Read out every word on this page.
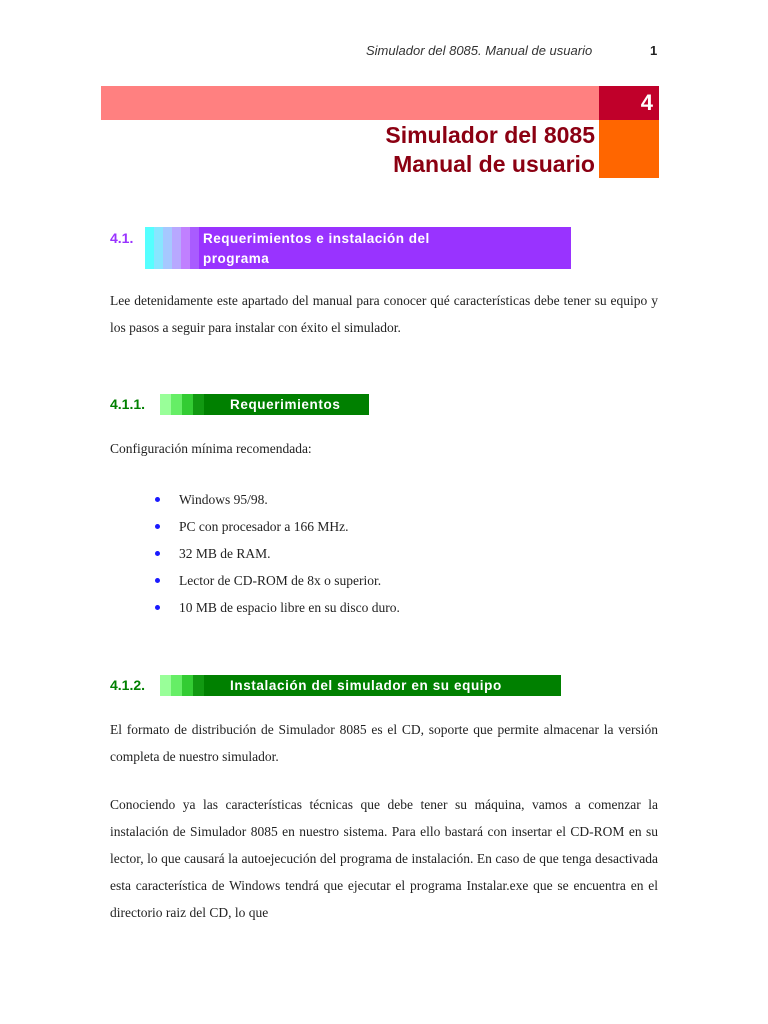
Simulador del 8085. Manual de usuario	1
4
Simulador del 8085
Manual de usuario
4.1.	Requerimientos e instalación del
programa
Lee detenidamente este apartado del manual para conocer qué características debe tener su equipo y los pasos a seguir para instalar con éxito el simulador.
4.1.1.	Requerimientos
Configuración mínima recomendada:
Windows 95/98.
PC con procesador a 166 MHz.
32 MB de RAM.
Lector de CD-ROM de 8x o superior.
10 MB de espacio libre en su disco duro.
4.1.2.	Instalación del simulador en su equipo
El formato de distribución de Simulador 8085 es el CD, soporte que permite almacenar la versión completa de nuestro simulador.
Conociendo ya las características técnicas que debe tener su máquina, vamos a comenzar la instalación de Simulador 8085 en nuestro sistema. Para ello bastará con insertar el CD-ROM en su lector, lo que causará la autoejecución del programa de instalación. En caso de que tenga desactivada esta característica de Windows tendrá que ejecutar el programa Instalar.exe que se encuentra en el directorio raiz del CD, lo que
